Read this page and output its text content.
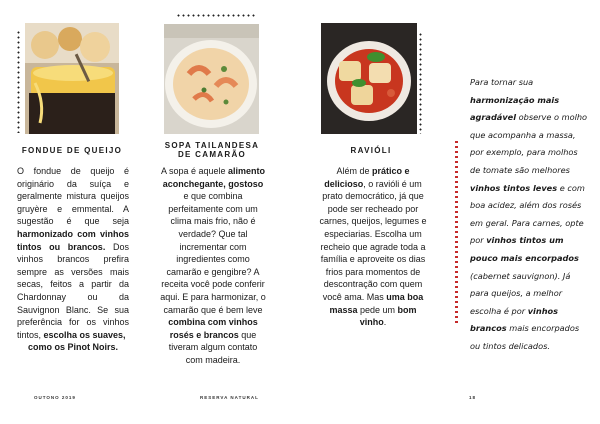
FONDUE DE QUEIJO
O fondue de queijo é originário da suíça e geralmente mistura queijos gruyère e emmental. A sugestão é que seja harmonizado com vinhos tintos ou brancos. Dos vinhos brancos prefira sempre as versões mais secas, feitos a partir da Chardonnay ou da Sauvignon Blanc. Se sua preferência for os vinhos tintos, escolha os suaves,
como os Pinot Noirs.
SOPA TAILANDESA
DE CAMARÃO
A sopa é aquele alimento aconchegante, gostoso e que combina perfeitamente com um clima mais frio, não é verdade? Que tal incrementar com ingredientes como camarão e gengibre? A receita você pode conferir aqui. E para harmonizar, o camarão que é bem leve combina com vinhos rosés e brancos que tiveram algum contato com madeira.
RAVIÓLI
Além de prático e delicioso, o ravióli é um prato democrático, já que pode ser recheado por carnes, queijos, legumes e especiarias. Escolha um recheio que agrade toda a família e aproveite os dias frios para momentos de descontração com quem você ama. Mas uma boa massa pede um bom vinho.
Para tornar sua harmonização mais agradável observe o molho que acompanha a massa, por exemplo, para molhos de tomate são melhores vinhos tintos leves e com boa acidez, além dos rosés em geral. Para carnes, opte por vinhos tintos um pouco mais encorpados (cabernet sauvignon). Já para queijos, a melhor escolha é por vinhos brancos mais encorpados ou tintos delicados.
OUTONO 2019	RESERVA NATURAL	18
